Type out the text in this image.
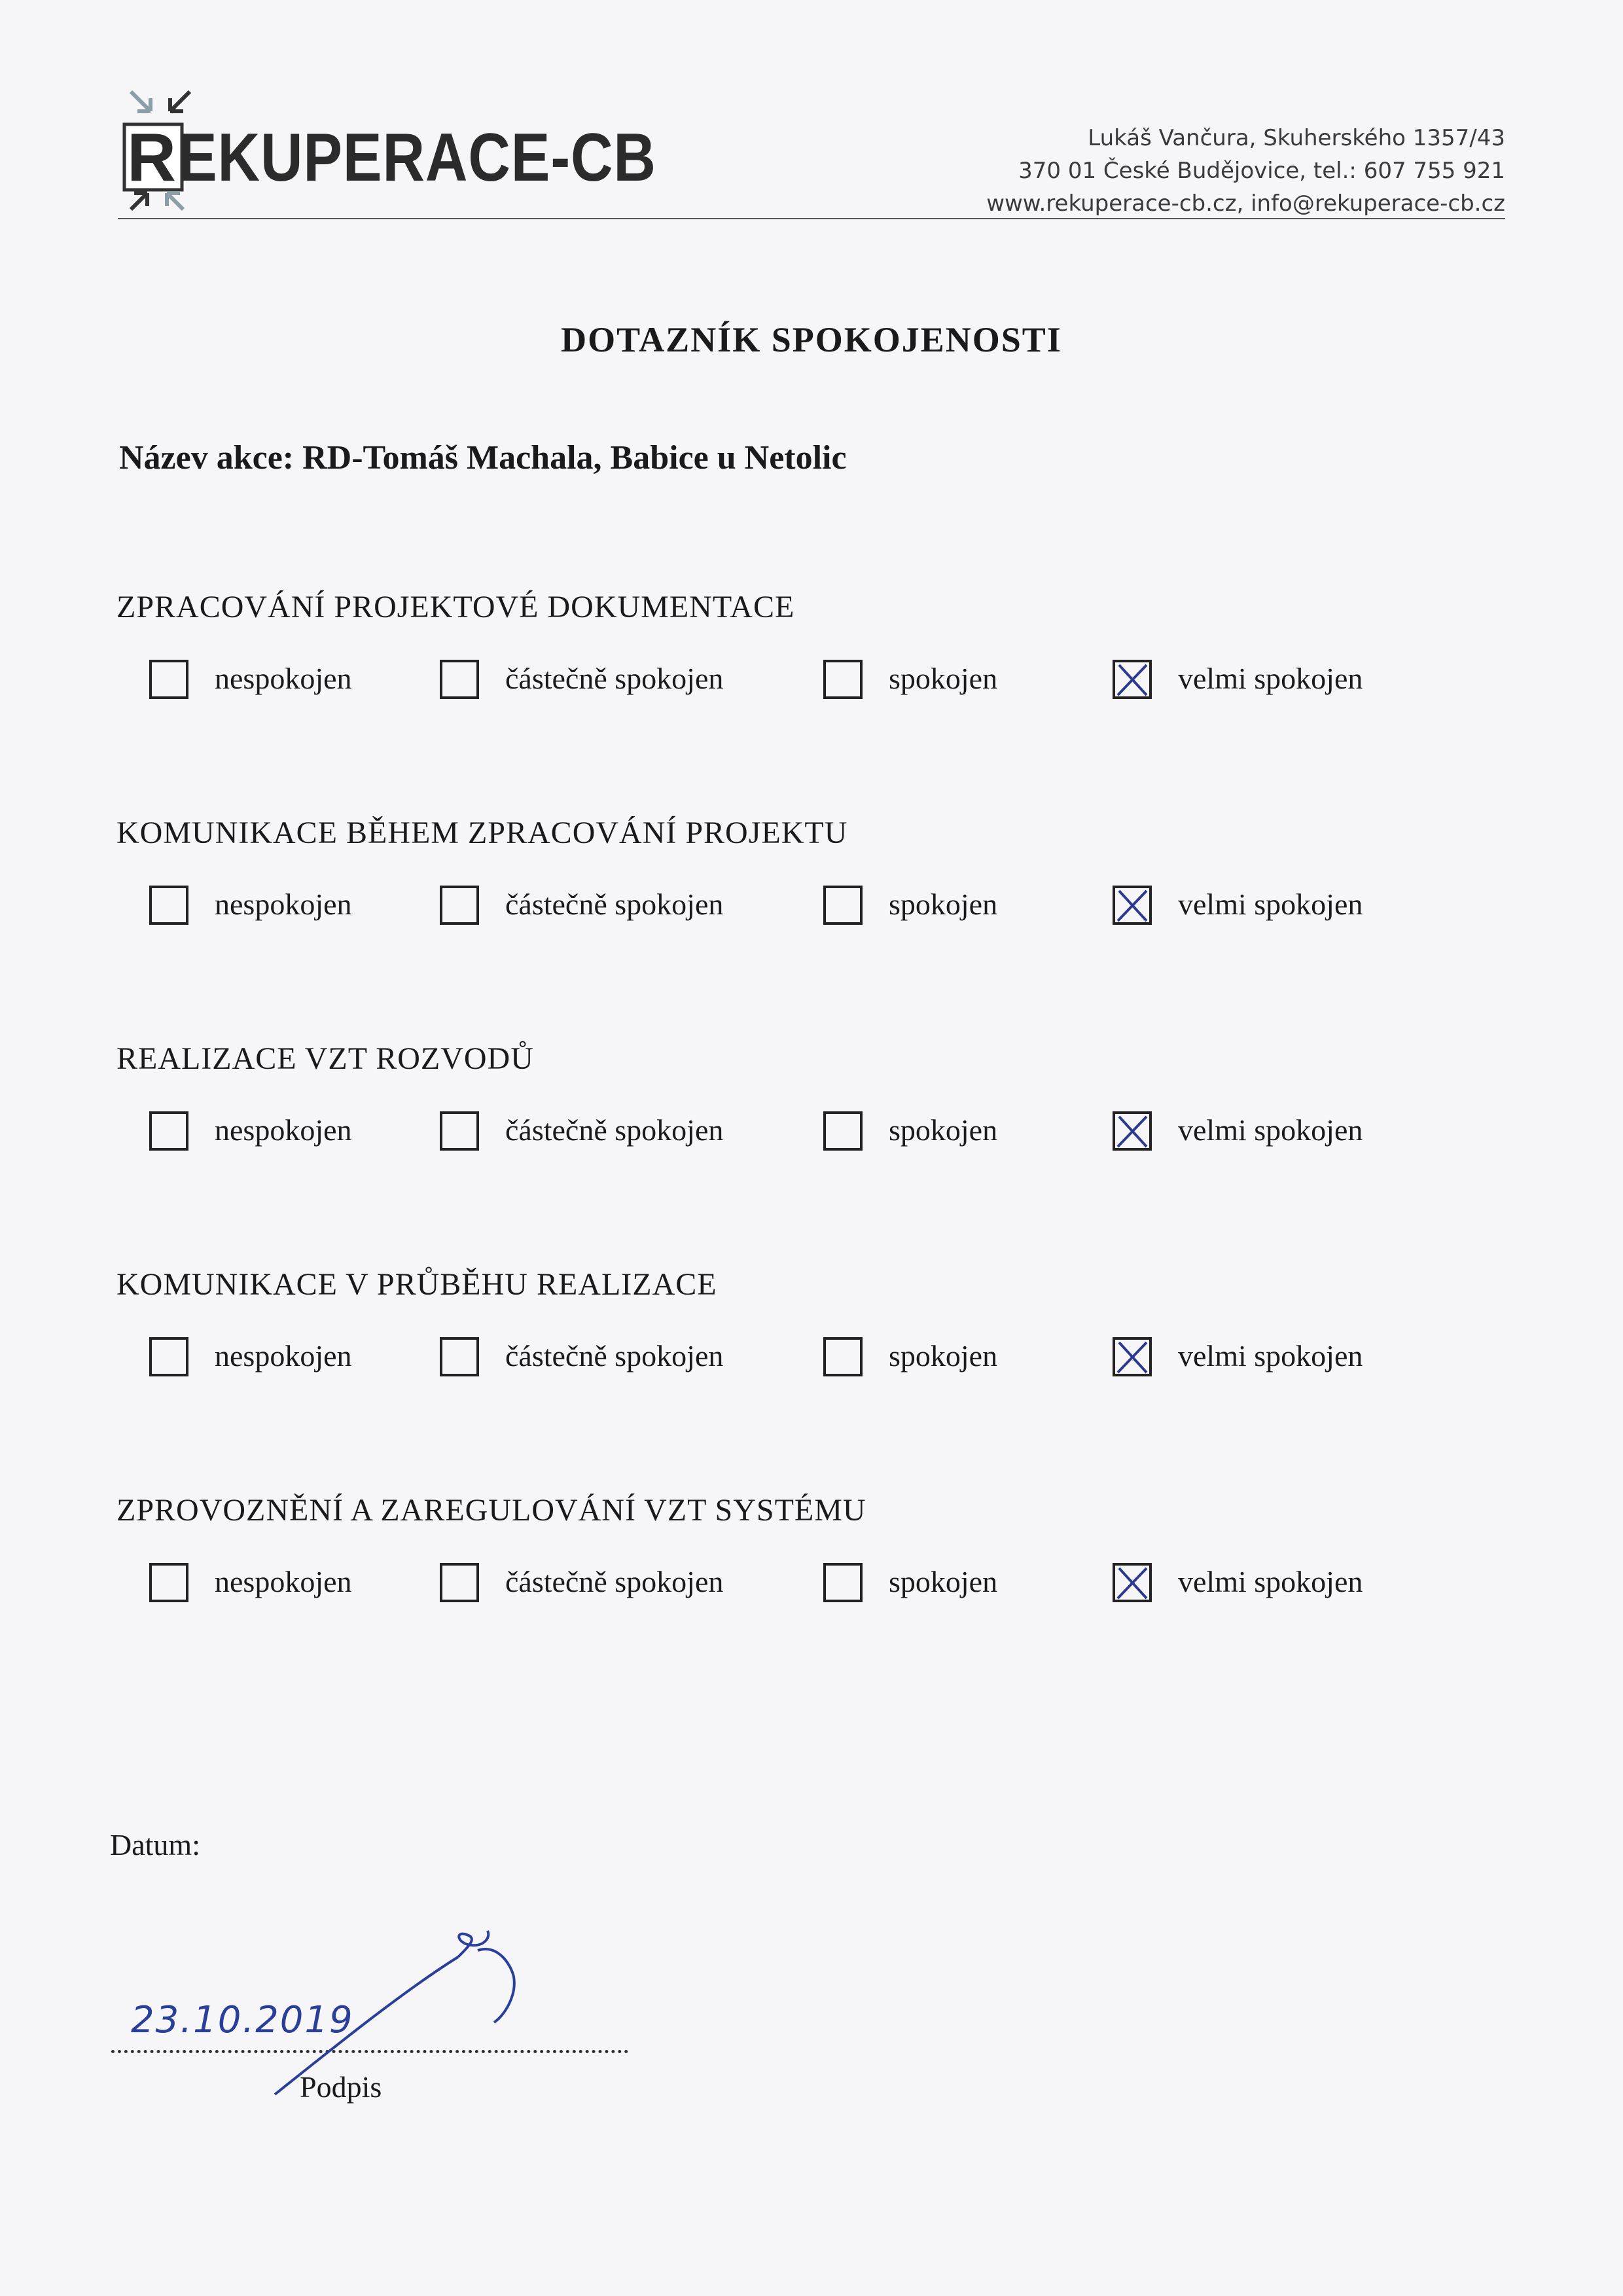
R EKUPERACE-CB	Lukáš Vančura, Skuherského 1357/43
370 01 České Budějovice, tel.: 607 755 921
www.rekuperace-cb.cz, info@rekuperace-cb.cz
DOTAZNÍK SPOKOJENOSTI
Název akce: RD-Tomáš Machala, Babice u Netolic
ZPRACOVÁNÍ PROJEKTOVÉ DOKUMENTACE
nespokojen	částečně spokojen	spokojen	velmi spokojen
KOMUNIKACE BĚHEM ZPRACOVÁNÍ PROJEKTU
nespokojen	částečně spokojen	spokojen	velmi spokojen
REALIZACE VZT ROZVODŮ
nespokojen	částečně spokojen	spokojen	velmi spokojen
KOMUNIKACE V PRŮBĚHU REALIZACE
nespokojen	částečně spokojen	spokojen	velmi spokojen
ZPROVOZNĚNÍ A ZAREGULOVÁNÍ VZT SYSTÉMU
nespokojen	částečně spokojen	spokojen	velmi spokojen
Datum:
23.10.2019
Podpis
